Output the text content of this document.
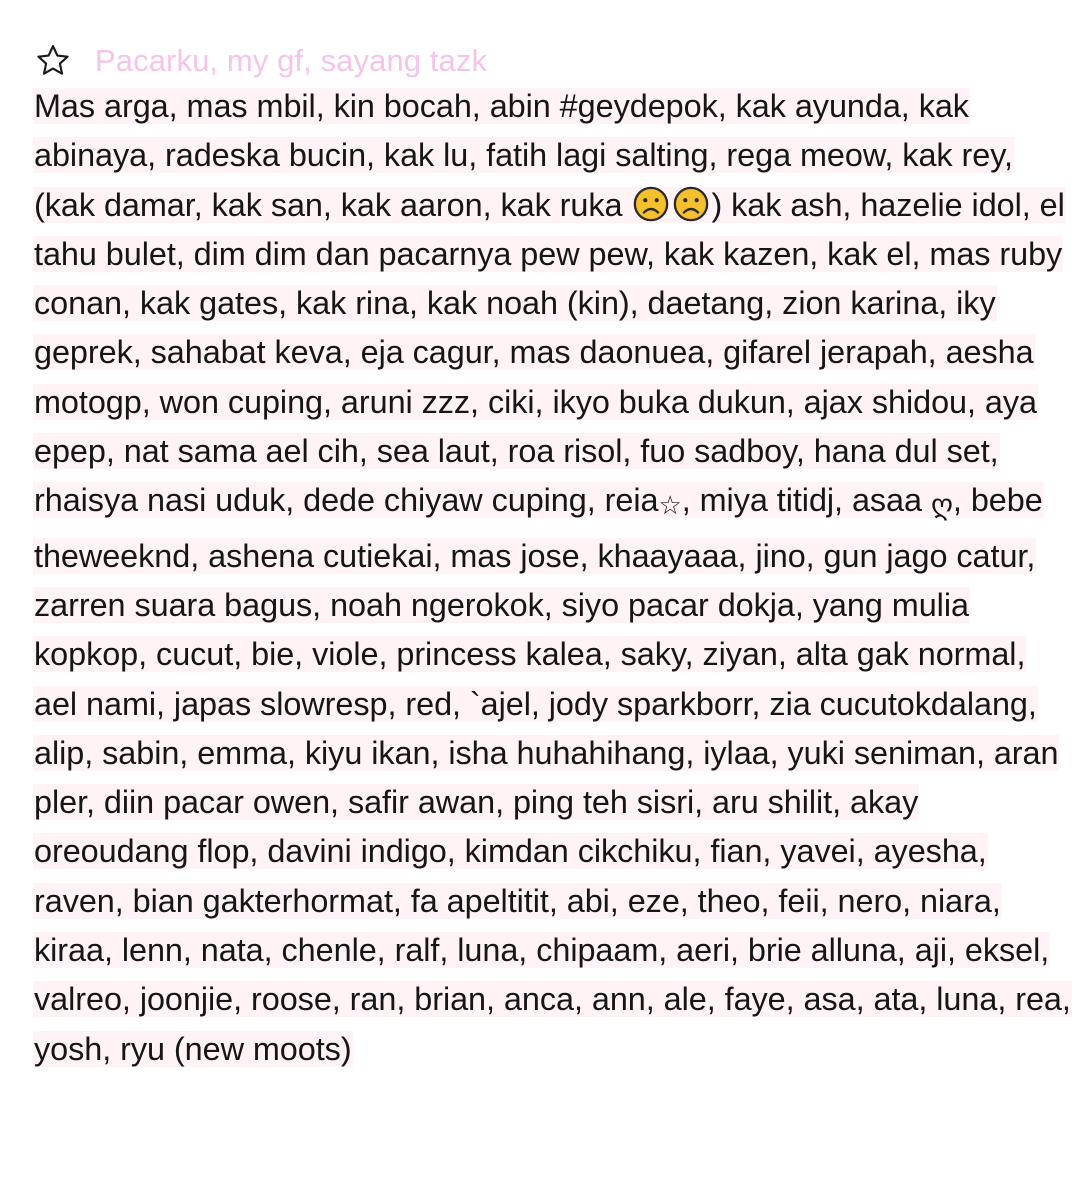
Pacarku, my gf, sayang tazk
Mas arga, mas mbil, kin bocah, abin #geydepok, kak ayunda, kak abinaya, radeska bucin, kak lu, fatih lagi salting, rega meow, kak rey, (kak damar, kak san, kak aaron, kak ruka ) kak ash, hazelie idol, el tahu bulet, dim dim dan pacarnya pew pew, kak kazen, kak el, mas ruby conan, kak gates, kak rina, kak noah (kin), daetang, zion karina, iky geprek, sahabat keva, eja cagur, mas daonuea, gifarel jerapah, aesha motogp, won cuping, aruni zzz, ciki, ikyo buka dukun, ajax shidou, aya epep, nat sama ael cih, sea laut, roa risol, fuo sadboy, hana dul set, rhaisya nasi uduk, dede chiyaw cuping, reia☆, miya titidj, asaa ღ, bebe theweeknd, ashena cutiekai, mas jose, khaayaaa, jino, gun jago catur, zarren suara bagus, noah ngerokok, siyo pacar dokja, yang mulia kopkop, cucut, bie, viole, princess kalea, saky, ziyan, alta gak normal, ael nami, japas slowresp, red, `ajel, jody sparkborr, zia cucutokdalang, alip, sabin, emma, kiyu ikan, isha huhahihang, iylaa, yuki seniman, aran pler, diin pacar owen, safir awan, ping teh sisri, aru shilit, akay oreoudang flop, davini indigo, kimdan cikchiku, fian, yavei, ayesha, raven, bian gakterhormat, fa apeltitit, abi, eze, theo, feii, nero, niara, kiraa, lenn, nata, chenle, ralf, luna, chipaam, aeri, brie alluna, aji, eksel, valreo, joonjie, roose, ran, brian, anca, ann, ale, faye, asa, ata, luna, rea, yosh, ryu (new moots)
